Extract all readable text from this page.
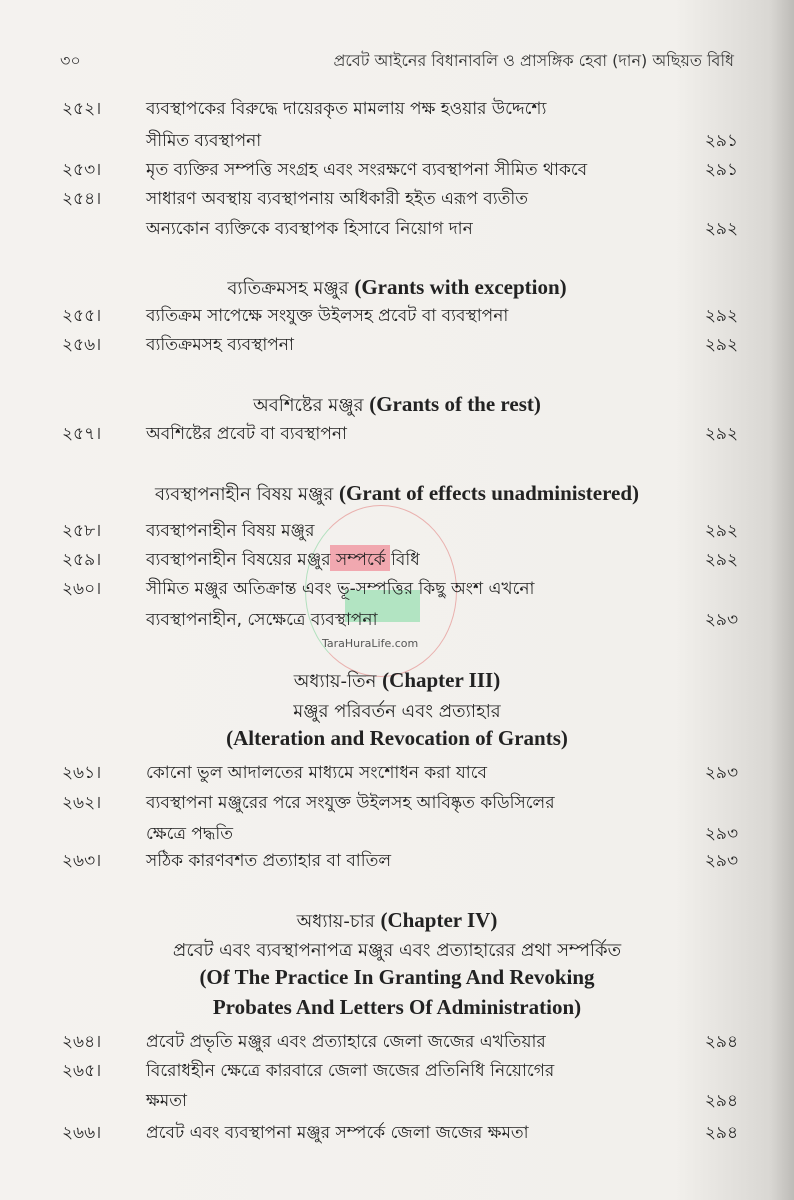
TaraHuraLife.com
৩০	প্রবেট আইনের বিধানাবলি ও প্রাসঙ্গিক হেবা (দান) অছিয়ত বিধি
২৫২।	ব্যবস্থাপকের বিরুদ্ধে দায়েরকৃত মামলায় পক্ষ হওয়ার উদ্দেশ্যে
সীমিত ব্যবস্থাপনা	২৯১
২৫৩।	মৃত ব্যক্তির সম্পত্তি সংগ্রহ এবং সংরক্ষণে ব্যবস্থাপনা সীমিত থাকবে	২৯১
২৫৪।	সাধারণ অবস্থায় ব্যবস্থাপনায় অধিকারী হইত এরূপ ব্যতীত
অন্যকোন ব্যক্তিকে ব্যবস্থাপক হিসাবে নিয়োগ দান	২৯২
২৫৫।	ব্যতিক্রম সাপেক্ষে সংযুক্ত উইলসহ প্রবেট বা ব্যবস্থাপনা	২৯২
২৫৬।	ব্যতিক্রমসহ ব্যবস্থাপনা	২৯২
২৫৭।	অবশিষ্টের প্রবেট বা ব্যবস্থাপনা	২৯২
২৫৮।	ব্যবস্থাপনাহীন বিষয় মঞ্জুর	২৯২
২৫৯।	ব্যবস্থাপনাহীন বিষয়ের মঞ্জুর সম্পর্কে বিধি	২৯২
২৬০।	সীমিত মঞ্জুর অতিক্রান্ত এবং ভূ-সম্পত্তির কিছু অংশ এখনো
ব্যবস্থাপনাহীন, সেক্ষেত্রে ব্যবস্থাপনা	২৯৩
২৬১।	কোনো ভুল আদালতের মাধ্যমে সংশোধন করা যাবে	২৯৩
২৬২।	ব্যবস্থাপনা মঞ্জুরের পরে সংযুক্ত উইলসহ আবিষ্কৃত কডিসিলের
ক্ষেত্রে পদ্ধতি	২৯৩
২৬৩।	সঠিক কারণবশত প্রত্যাহার বা বাতিল	২৯৩
২৬৪।	প্রবেট প্রভৃতি মঞ্জুর এবং প্রত্যাহারে জেলা জজের এখতিয়ার	২৯৪
২৬৫।	বিরোধহীন ক্ষেত্রে কারবারে জেলা জজের প্রতিনিধি নিয়োগের
ক্ষমতা	২৯৪
২৬৬।	প্রবেট এবং ব্যবস্থাপনা মঞ্জুর সম্পর্কে জেলা জজের ক্ষমতা	২৯৪
ব্যতিক্রমসহ মঞ্জুর (Grants with exception)
অবশিষ্টের মঞ্জুর (Grants of the rest)
ব্যবস্থাপনাহীন বিষয় মঞ্জুর (Grant of effects unadministered)
অধ্যায়-তিন (Chapter III)
মঞ্জুর পরিবর্তন এবং প্রত্যাহার
(Alteration and Revocation of Grants)
অধ্যায়-চার (Chapter IV)
প্রবেট এবং ব্যবস্থাপনাপত্র মঞ্জুর এবং প্রত্যাহারের প্রথা সম্পর্কিত
(Of The Practice In Granting And Revoking
Probates And Letters Of Administration)
